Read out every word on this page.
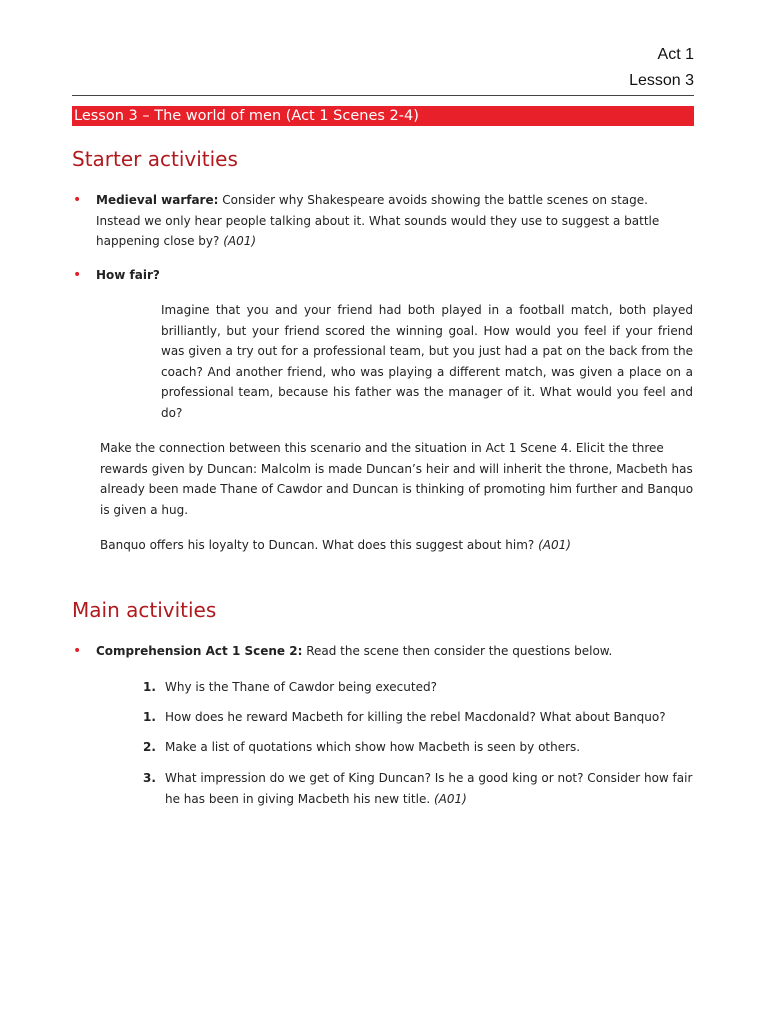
Act 1
Lesson 3
Lesson 3 – The world of men (Act 1 Scenes 2-4)
Starter activities
• Medieval warfare: Consider why Shakespeare avoids showing the battle scenes on stage. Instead we only hear people talking about it. What sounds would they use to suggest a battle happening close by? (A01)
• How fair?
Imagine that you and your friend had both played in a football match, both played brilliantly, but your friend scored the winning goal. How would you feel if your friend was given a try out for a professional team, but you just had a pat on the back from the coach? And another friend, who was playing a different match, was given a place on a professional team, because his father was the manager of it. What would you feel and do?
Make the connection between this scenario and the situation in Act 1 Scene 4. Elicit the three rewards given by Duncan: Malcolm is made Duncan’s heir and will inherit the throne, Macbeth has already been made Thane of Cawdor and Duncan is thinking of promoting him further and Banquo is given a hug.
Banquo offers his loyalty to Duncan. What does this suggest about him? (A01)
Main activities
• Comprehension Act 1 Scene 2: Read the scene then consider the questions below.
1. Why is the Thane of Cawdor being executed?
1. How does he reward Macbeth for killing the rebel Macdonald? What about Banquo?
2. Make a list of quotations which show how Macbeth is seen by others.
3. What impression do we get of King Duncan? Is he a good king or not? Consider how fair he has been in giving Macbeth his new title. (A01)
